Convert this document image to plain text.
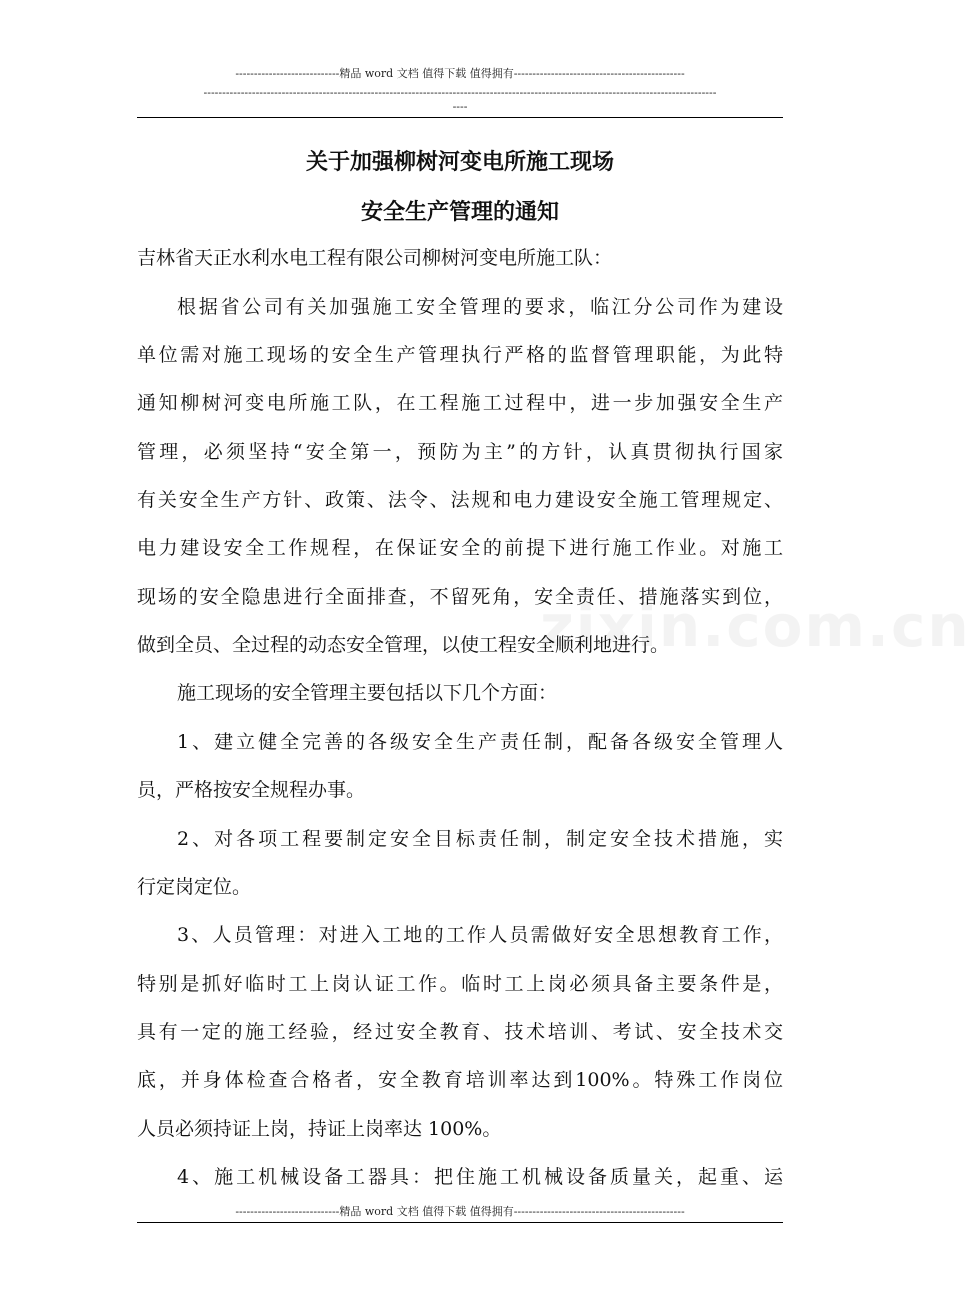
----------------------------精品 word 文档 值得下载 值得拥有----------------------------------------------
------------------------------------------------------------------------------------------------------------------------------------------
----
关于加强柳树河变电所施工现场
安全生产管理的通知
zixin.com.cn
吉林省天正水利水电工程有限公司柳树河变电所施工队：
根据省公司有关加强施工安全管理的要求，临江分公司作为建设
单位需对施工现场的安全生产管理执行严格的监督管理职能，为此特
通知柳树河变电所施工队，在工程施工过程中，进一步加强安全生产
管理，必须坚持“安全第一，预防为主”的方针，认真贯彻执行国家
有关安全生产方针、政策、法令、法规和电力建设安全施工管理规定、
电力建设安全工作规程，在保证安全的前提下进行施工作业。对施工
现场的安全隐患进行全面排查，不留死角，安全责任、措施落实到位，
做到全员、全过程的动态安全管理，以使工程安全顺利地进行。
施工现场的安全管理主要包括以下几个方面：
1、建立健全完善的各级安全生产责任制，配备各级安全管理人
员，严格按安全规程办事。
2、对各项工程要制定安全目标责任制，制定安全技术措施，实
行定岗定位。
3、人员管理：对进入工地的工作人员需做好安全思想教育工作，
特别是抓好临时工上岗认证工作。临时工上岗必须具备主要条件是，
具有一定的施工经验，经过安全教育、技术培训、考试、安全技术交
底，并身体检查合格者，安全教育培训率达到100%。特殊工作岗位
人员必须持证上岗，持证上岗率达 100%。
4、施工机械设备工器具：把住施工机械设备质量关，起重、运
----------------------------精品 word 文档 值得下载 值得拥有----------------------------------------------
